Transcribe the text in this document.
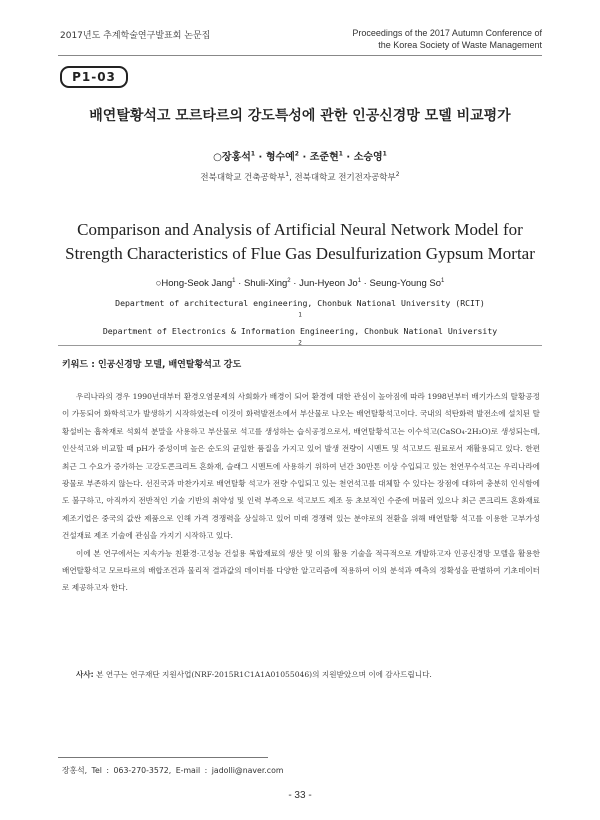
2017년도 추계학술연구발표회 논문집	Proceedings of the 2017 Autumn Conference of
the Korea Society of Waste Management
P1-03
배연탈황석고 모르타르의 강도특성에 관한 인공신경망 모델 비교평가
○장홍석$^1$ · 형수예$^2$ · 조준현$^1$ · 소승영$^1$
전북대학교 건축공학부$^1$, 전북대학교 전기전자공학부$^2$
Comparison and Analysis of Artificial Neural Network Model for
Strength Characteristics of Flue Gas Desulfurization Gypsum Mortar
○Hong-Seok Jang$^1$ · Shuli-Xing$^2$ · Jun-Hyeon $Jo^1$ · Seung-Young So$^1$
Department of architectural engineering, Chonbuk National University (RCIT)
$^1$
Department of Electronics & Information Engineering, Chonbuk National University
$^2$
키워드 : 인공신경망 모델, 배연탈황석고 강도

우리나라의 경우 1990년대부터 환경오염문제의 사회화가 배경이 되어 환경에 대한 관심이 높아짐에 따라 1998년부터 배기가스의 탈황공정이 가동되어 화학석고가 발생하기 시작하였는데 이것이 화력발전소에서 부산물로 나오는 배연탈황석고이다. 국내의 석탄화력 발전소에 설치된 탈황설비는 흡착재로 석회석 분말을 사용하고 부산물로 석고를 생성하는 습식공정으로서, 배연탈황석고는 이수석고(CaSO₄·2H₂O)로 생성되는데, 인산석고와 비교할 때 pH가 중성이며 높은 순도의 균일한 품질을 가지고 있어 발생 전량이 시멘트 및 석고보드 원료로서 재활용되고 있다. 한편 최근 그 수요가 증가하는 고강도콘크리트 혼화재, 슬래그 시멘트에 사용하기 위하여 년간 30만톤 이상 수입되고 있는 천연무수석고는 우리나라에 광물로 부존하지 않는다. 선진국과 마찬가지로 배연탈황 석고가 전량 수입되고 있는 천연석고를 대체할 수 있다는 장점에 대하여 충분히 인식함에도 불구하고, 아직까지 전반적인 기술 기반의 취약성 및 인력 부족으로 석고보드 제조 등 초보적인 수준에 머물러 있으나 최근 콘크리트 혼화재료 제조기업은 중국의 값싼 제품으로 인해 가격 경쟁력을 상실하고 있어 미래 경쟁력 있는 분야로의 전환을 위해 배연탈황 석고를 이용한 고부가성 건설재료 제조 기술에 관심을 가지기 시작하고 있다.

이에 본 연구에서는 지속가능 친환경·고성능 건설용 복합재료의 생산 및 이의 활용 기술을 적극적으로 개발하고자 인공신경망 모델을 활용한 배연탈황석고 모르타르의 배합조건과 물리적 결과값의 데이터를 다양한 알고리즘에 적용하여 이의 분석과 예측의 정확성을 판별하여 기초데이터로 제공하고자 한다.

사사: 본 연구는 연구재단 지원사업(NRF-2015R1C1A1A01055046)의 지원받았으며 이에 감사드립니다.
장홍석, Tel : 063-270-3572, E-mail : jadolli@naver.com
- 33 -
